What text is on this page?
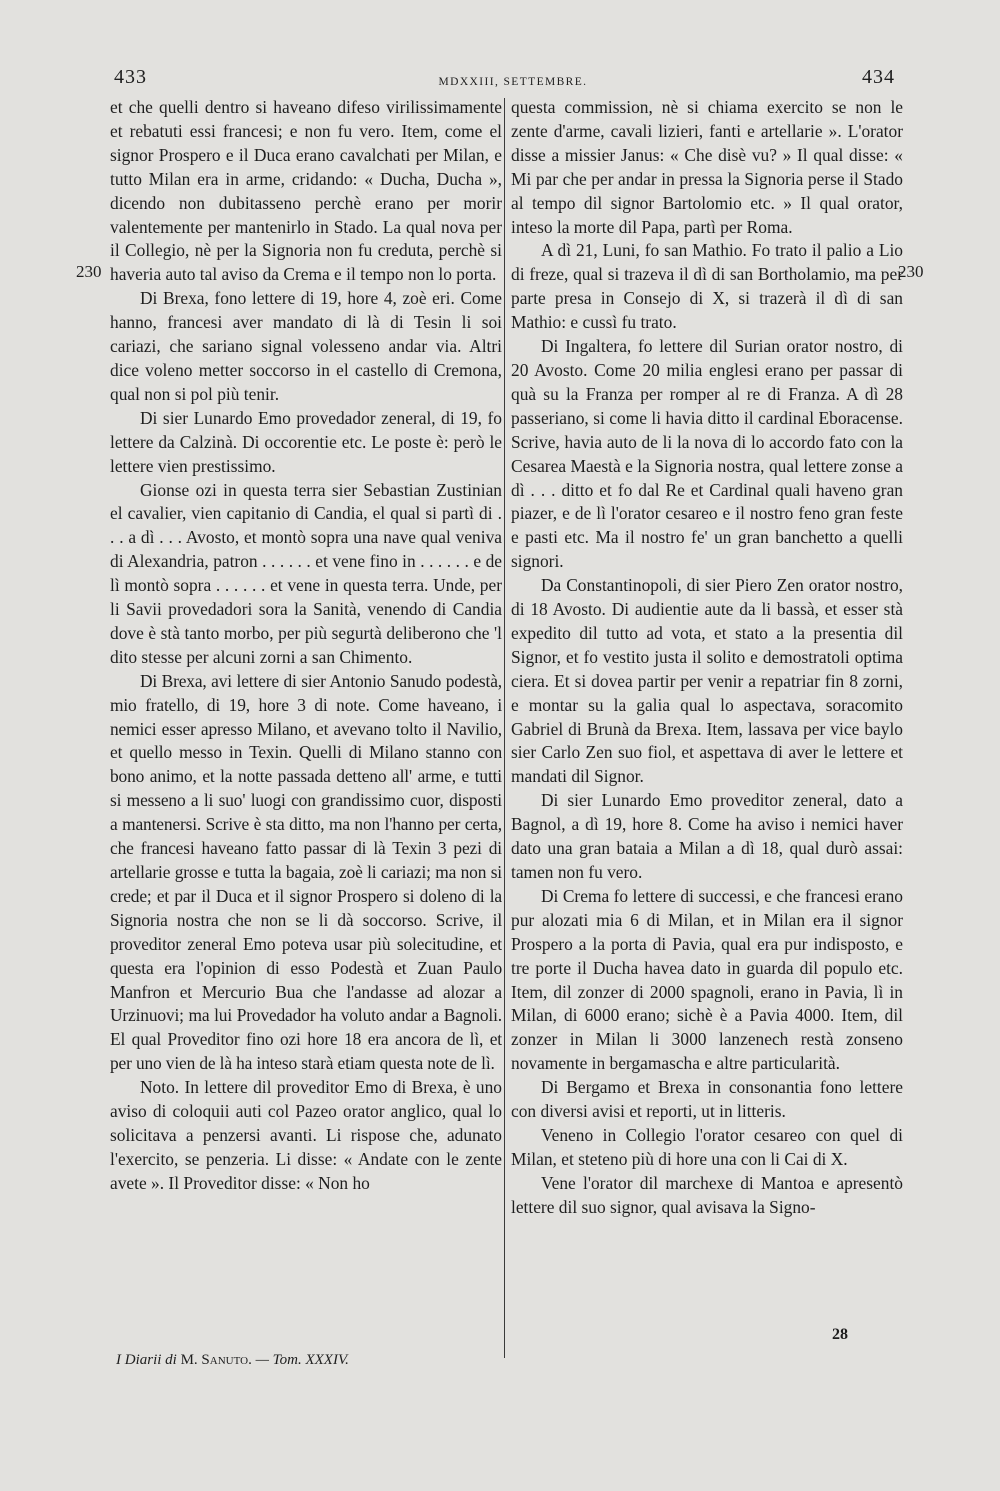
433	MDXXIII, SETTEMBRE.	434
230	230

et che quelli dentro si haveano difeso virilissimamente et rebatuti essi francesi; e non fu vero. Item, come el signor Prospero e il Duca erano cavalchati per Milan, e tutto Milan era in arme, cridando: « Ducha, Ducha », dicendo non dubitasseno perchè erano per morir valentemente per mantenirlo in Stado. La qual nova per il Collegio, nè per la Signoria non fu creduta, perchè si haveria auto tal aviso da Crema e il tempo non lo porta.

Di Brexa, fono lettere di 19, hore 4, zoè eri. Come hanno, francesi aver mandato di là di Tesin li soi cariazi, che sariano signal volesseno andar via. Altri dice voleno metter soccorso in el castello di Cremona, qual non si pol più tenir.

Di sier Lunardo Emo provedador zeneral, di 19, fo lettere da Calzinà. Di occorentie etc. Le poste è: però le lettere vien prestissimo.

Gionse ozi in questa terra sier Sebastian Zustinian el cavalier, vien capitanio di Candia, el qual si partì di . . . a dì . . . Avosto, et montò sopra una nave qual veniva di Alexandria, patron . . . . . . et vene fino in . . . . . . e de lì montò sopra . . . . . . et vene in questa terra. Unde, per li Savii provedadori sora la Sanità, venendo di Candia dove è stà tanto morbo, per più segurtà deliberono che 'l dito stesse per alcuni zorni a san Chimento.

Di Brexa, avi lettere di sier Antonio Sanudo podestà, mio fratello, di 19, hore 3 di note. Come haveano, i nemici esser apresso Milano, et avevano tolto il Navilio, et quello messo in Texin. Quelli di Milano stanno con bono animo, et la notte passada detteno all' arme, e tutti si messeno a li suo' luogi con grandissimo cuor, disposti a mantenersi. Scrive è sta ditto, ma non l'hanno per certa, che francesi haveano fatto passar di là Texin 3 pezi di artellarie grosse e tutta la bagaia, zoè li cariazi; ma non si crede; et par il Duca et il signor Prospero si doleno di la Signoria nostra che non se li dà soccorso. Scrive, il proveditor zeneral Emo poteva usar più solecitudine, et questa era l'opinion di esso Podestà et Zuan Paulo Manfron et Mercurio Bua che l'andasse ad alozar a Urzinuovi; ma lui Provedador ha voluto andar a Bagnoli. El qual Proveditor fino ozi hore 18 era ancora de lì, et per uno vien de là ha inteso starà etiam questa note de lì.

Noto. In lettere dil proveditor Emo di Brexa, è uno aviso di coloquii auti col Pazeo orator anglico, qual lo solicitava a penzersi avanti. Li rispose che, adunato l'exercito, se penzeria. Li disse: « Andate con le zente avete ». Il Proveditor disse: « Non ho

questa commission, nè si chiama exercito se non le zente d'arme, cavali lizieri, fanti e artellarie ». L'orator disse a missier Janus: « Che disè vu? » Il qual disse: « Mi par che per andar in pressa la Signoria perse il Stado al tempo dil signor Bartolomio etc. » Il qual orator, inteso la morte dil Papa, partì per Roma.

A dì 21, Luni, fo san Mathio. Fo trato il palio a Lio di freze, qual si trazeva il dì di san Bortholamio, ma per parte presa in Consejo di X, si trazerà il dì di san Mathio: e cussì fu trato.

Di Ingaltera, fo lettere dil Surian orator nostro, di 20 Avosto. Come 20 milia englesi erano per passar di quà su la Franza per romper al re di Franza. A dì 28 passeriano, si come li havia ditto il cardinal Eboracense. Scrive, havia auto de li la nova di lo accordo fato con la Cesarea Maestà e la Signoria nostra, qual lettere zonse a dì . . . ditto et fo dal Re et Cardinal quali haveno gran piazer, e de lì l'orator cesareo e il nostro feno gran feste e pasti etc. Ma il nostro fe' un gran banchetto a quelli signori.

Da Constantinopoli, di sier Piero Zen orator nostro, di 18 Avosto. Di audientie aute da li bassà, et esser stà expedito dil tutto ad vota, et stato a la presentia dil Signor, et fo vestito justa il solito e demostratoli optima ciera. Et si dovea partir per venir a repatriar fin 8 zorni, e montar su la galia qual lo aspectava, soracomito Gabriel di Brunà da Brexa. Item, lassava per vice baylo sier Carlo Zen suo fiol, et aspettava di aver le lettere et mandati dil Signor.

Di sier Lunardo Emo proveditor zeneral, dato a Bagnol, a dì 19, hore 8. Come ha aviso i nemici haver dato una gran bataia a Milan a dì 18, qual durò assai: tamen non fu vero.

Di Crema fo lettere di successi, e che francesi erano pur alozati mia 6 di Milan, et in Milan era il signor Prospero a la porta di Pavia, qual era pur indisposto, e tre porte il Ducha havea dato in guarda dil populo etc. Item, dil zonzer di 2000 spagnoli, erano in Pavia, lì in Milan, di 6000 erano; sichè è a Pavia 4000. Item, dil zonzer in Milan li 3000 lanzenech restà zonseno novamente in bergamascha e altre particularità.

Di Bergamo et Brexa in consonantia fono lettere con diversi avisi et reporti, ut in litteris.

Veneno in Collegio l'orator cesareo con quel di Milan, et steteno più di hore una con li Cai di X.

Vene l'orator dil marchexe di Mantoa e apresentò lettere dil suo signor, qual avisava la Signo-

28
I Diarii di M. Sanuto. — Tom. XXXIV.
